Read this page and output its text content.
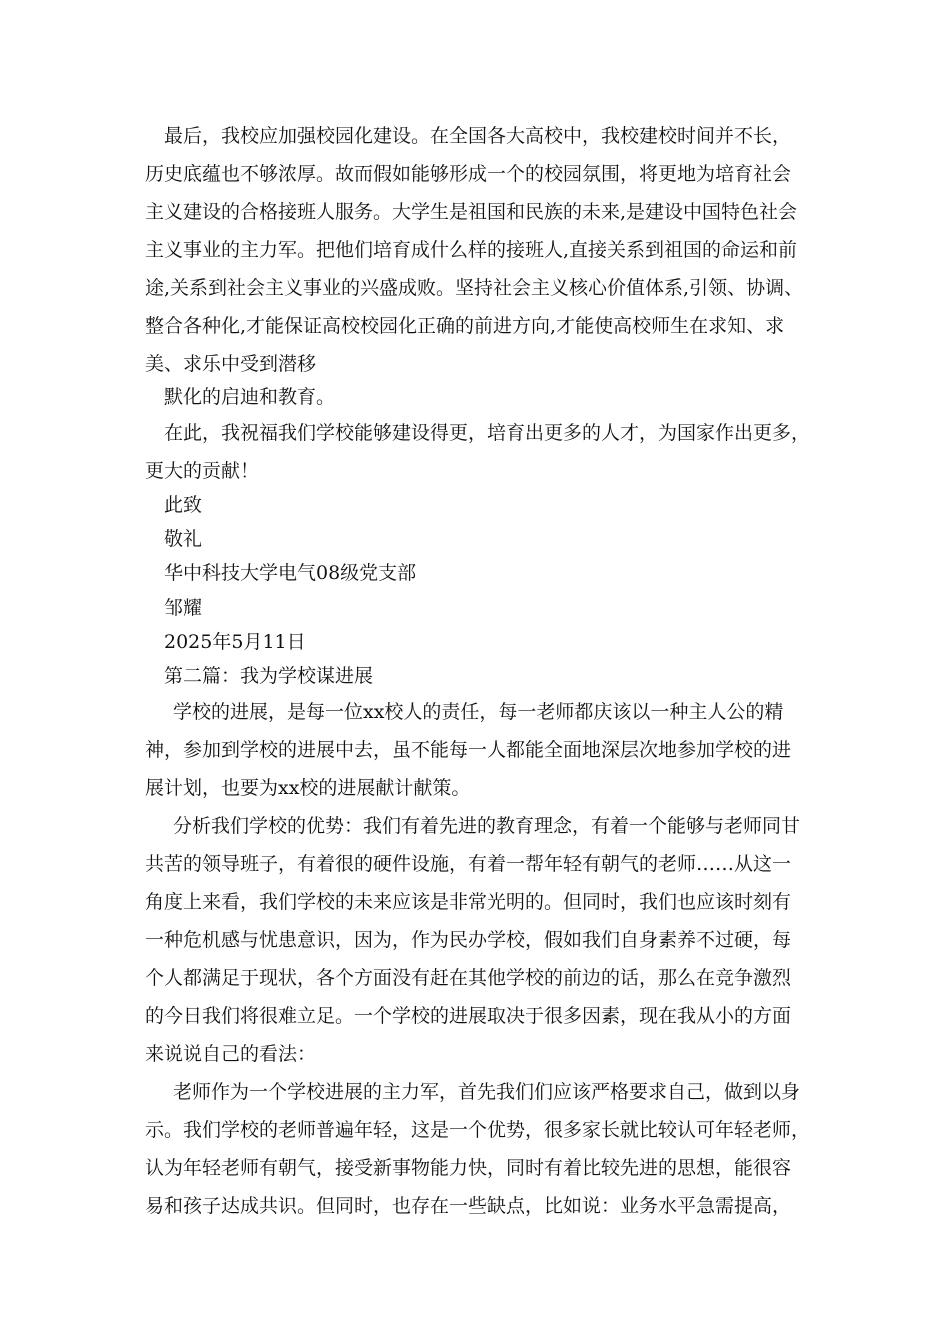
最后，我校应加强校园化建设。在全国各大高校中，我校建校时间并不长，
历史底蕴也不够浓厚。故而假如能够形成一个的校园氛围，将更地为培育社会
主义建设的合格接班人服务。大学生是祖国和民族的未来,是建设中国特色社会
主义事业的主力军。把他们培育成什么样的接班人,直接关系到祖国的命运和前
途,关系到社会主义事业的兴盛成败。坚持社会主义核心价值体系,引领、协调、
整合各种化,才能保证高校校园化正确的前进方向,才能使高校师生在求知、求
美、求乐中受到潜移
默化的启迪和教育。
在此，我祝福我们学校能够建设得更，培育出更多的人才，为国家作出更多，
更大的贡献！
此致
敬礼
华中科技大学电气08级党支部
邹耀
2025年5月11日
第二篇：我为学校谋进展
学校的进展，是每一位xx校人的责任，每一老师都庆该以一种主人公的精
神，参加到学校的进展中去，虽不能每一人都能全面地深层次地参加学校的进
展计划，也要为xx校的进展献计献策。
分析我们学校的优势：我们有着先进的教育理念，有着一个能够与老师同甘
共苦的领导班子，有着很的硬件设施，有着一帮年轻有朝气的老师……从这一
角度上来看，我们学校的未来应该是非常光明的。但同时，我们也应该时刻有
一种危机感与忧患意识，因为，作为民办学校，假如我们自身素养不过硬，每
个人都满足于现状，各个方面没有赶在其他学校的前边的话，那么在竞争激烈
的今日我们将很难立足。一个学校的进展取决于很多因素，现在我从小的方面
来说说自己的看法：
老师作为一个学校进展的主力军，首先我们们应该严格要求自己，做到以身
示。我们学校的老师普遍年轻，这是一个优势，很多家长就比较认可年轻老师，
认为年轻老师有朝气，接受新事物能力快，同时有着比较先进的思想，能很容
易和孩子达成共识。但同时，也存在一些缺点，比如说：业务水平急需提高，
